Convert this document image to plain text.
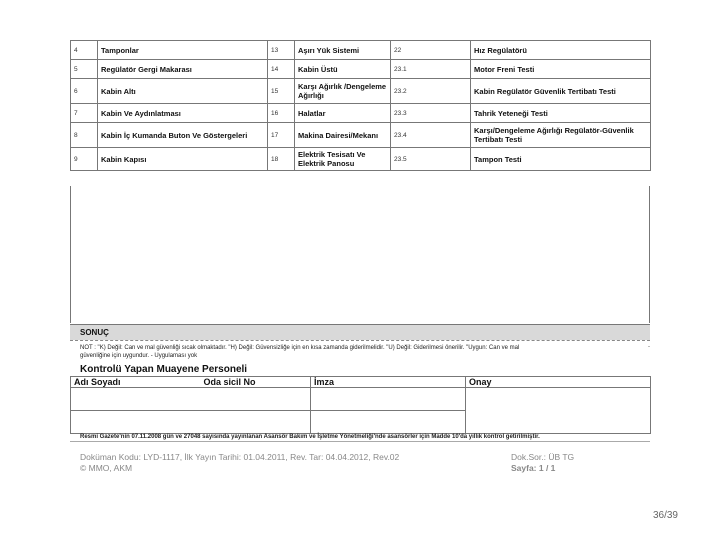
4	Tamponlar	13	Aşırı Yük Sistemi	22	Hız Regülatörü
5	Regülatör Gergi Makarası	14	Kabin Üstü	23.1	Motor Freni Testi
6	Kabin Altı	15	Karşı Ağırlık /Dengeleme Ağırlığı	23.2	Kabin Regülatör Güvenlik Tertibatı Testi
7	Kabin Ve Aydınlatması	16	Halatlar	23.3	Tahrik Yeteneği Testi
8	Kabin İç Kumanda Buton Ve Göstergeleri	17	Makina Dairesi/Mekanı	23.4	Karşı/Dengeleme Ağırlığı Regülatör-Güvenlik Tertibatı Testi
9	Kabin Kapısı	18	Elektrik Tesisatı Ve Elektrik Panosu	23.5	Tampon Testi
SONUÇ
NOT : "K) Değil: Can ve mal güvenliği sıcak olmaktadır. "H) Değil: Güvensizliğe için en kısa zamanda giderilmelidir. "U) Değil: Giderilmesi önerilir. "Uygun: Can ve mal
güvenliğine için uygundur. - Uygulaması yok
-
Kontrolü Yapan Muayene Personeli
Adı Soyadı	Oda sicil No	İmza	Onay

Resmi Gazete'nin 07.11.2008 gün ve 27048 sayısında yayınlanan Asansör Bakım ve İşletme Yönetmeliği'nde asansörler için Madde 10'da yıllık kontrol getirilmiştir.
Doküman Kodu: LYD-1117, İlk Yayın Tarihi: 01.04.2011, Rev. Tar: 04.04.2012, Rev.02
© MMO, AKM
Dok.Sor.: ÜB TG
Sayfa: 1 / 1
36/39
